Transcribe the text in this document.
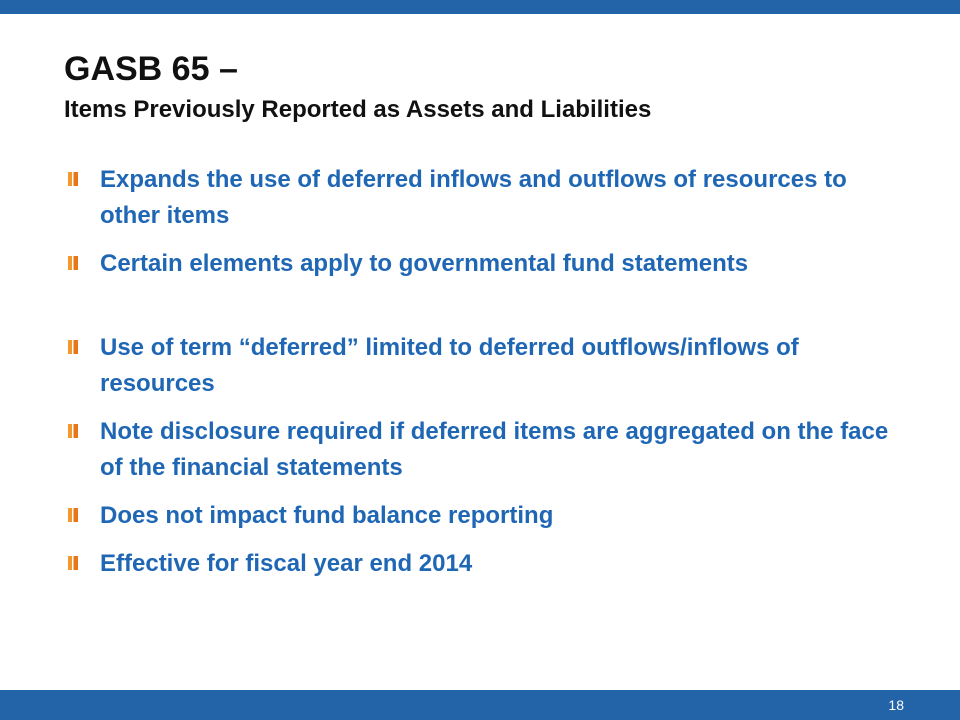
GASB 65 –
Items Previously Reported as Assets and Liabilities
Expands the use of deferred inflows and outflows of resources to other items
Certain elements apply to governmental fund statements
Use of term “deferred” limited to deferred outflows/inflows of resources
Note disclosure required if deferred items are aggregated on the face of the financial statements
Does not impact fund balance reporting
Effective for fiscal year end 2014
18
